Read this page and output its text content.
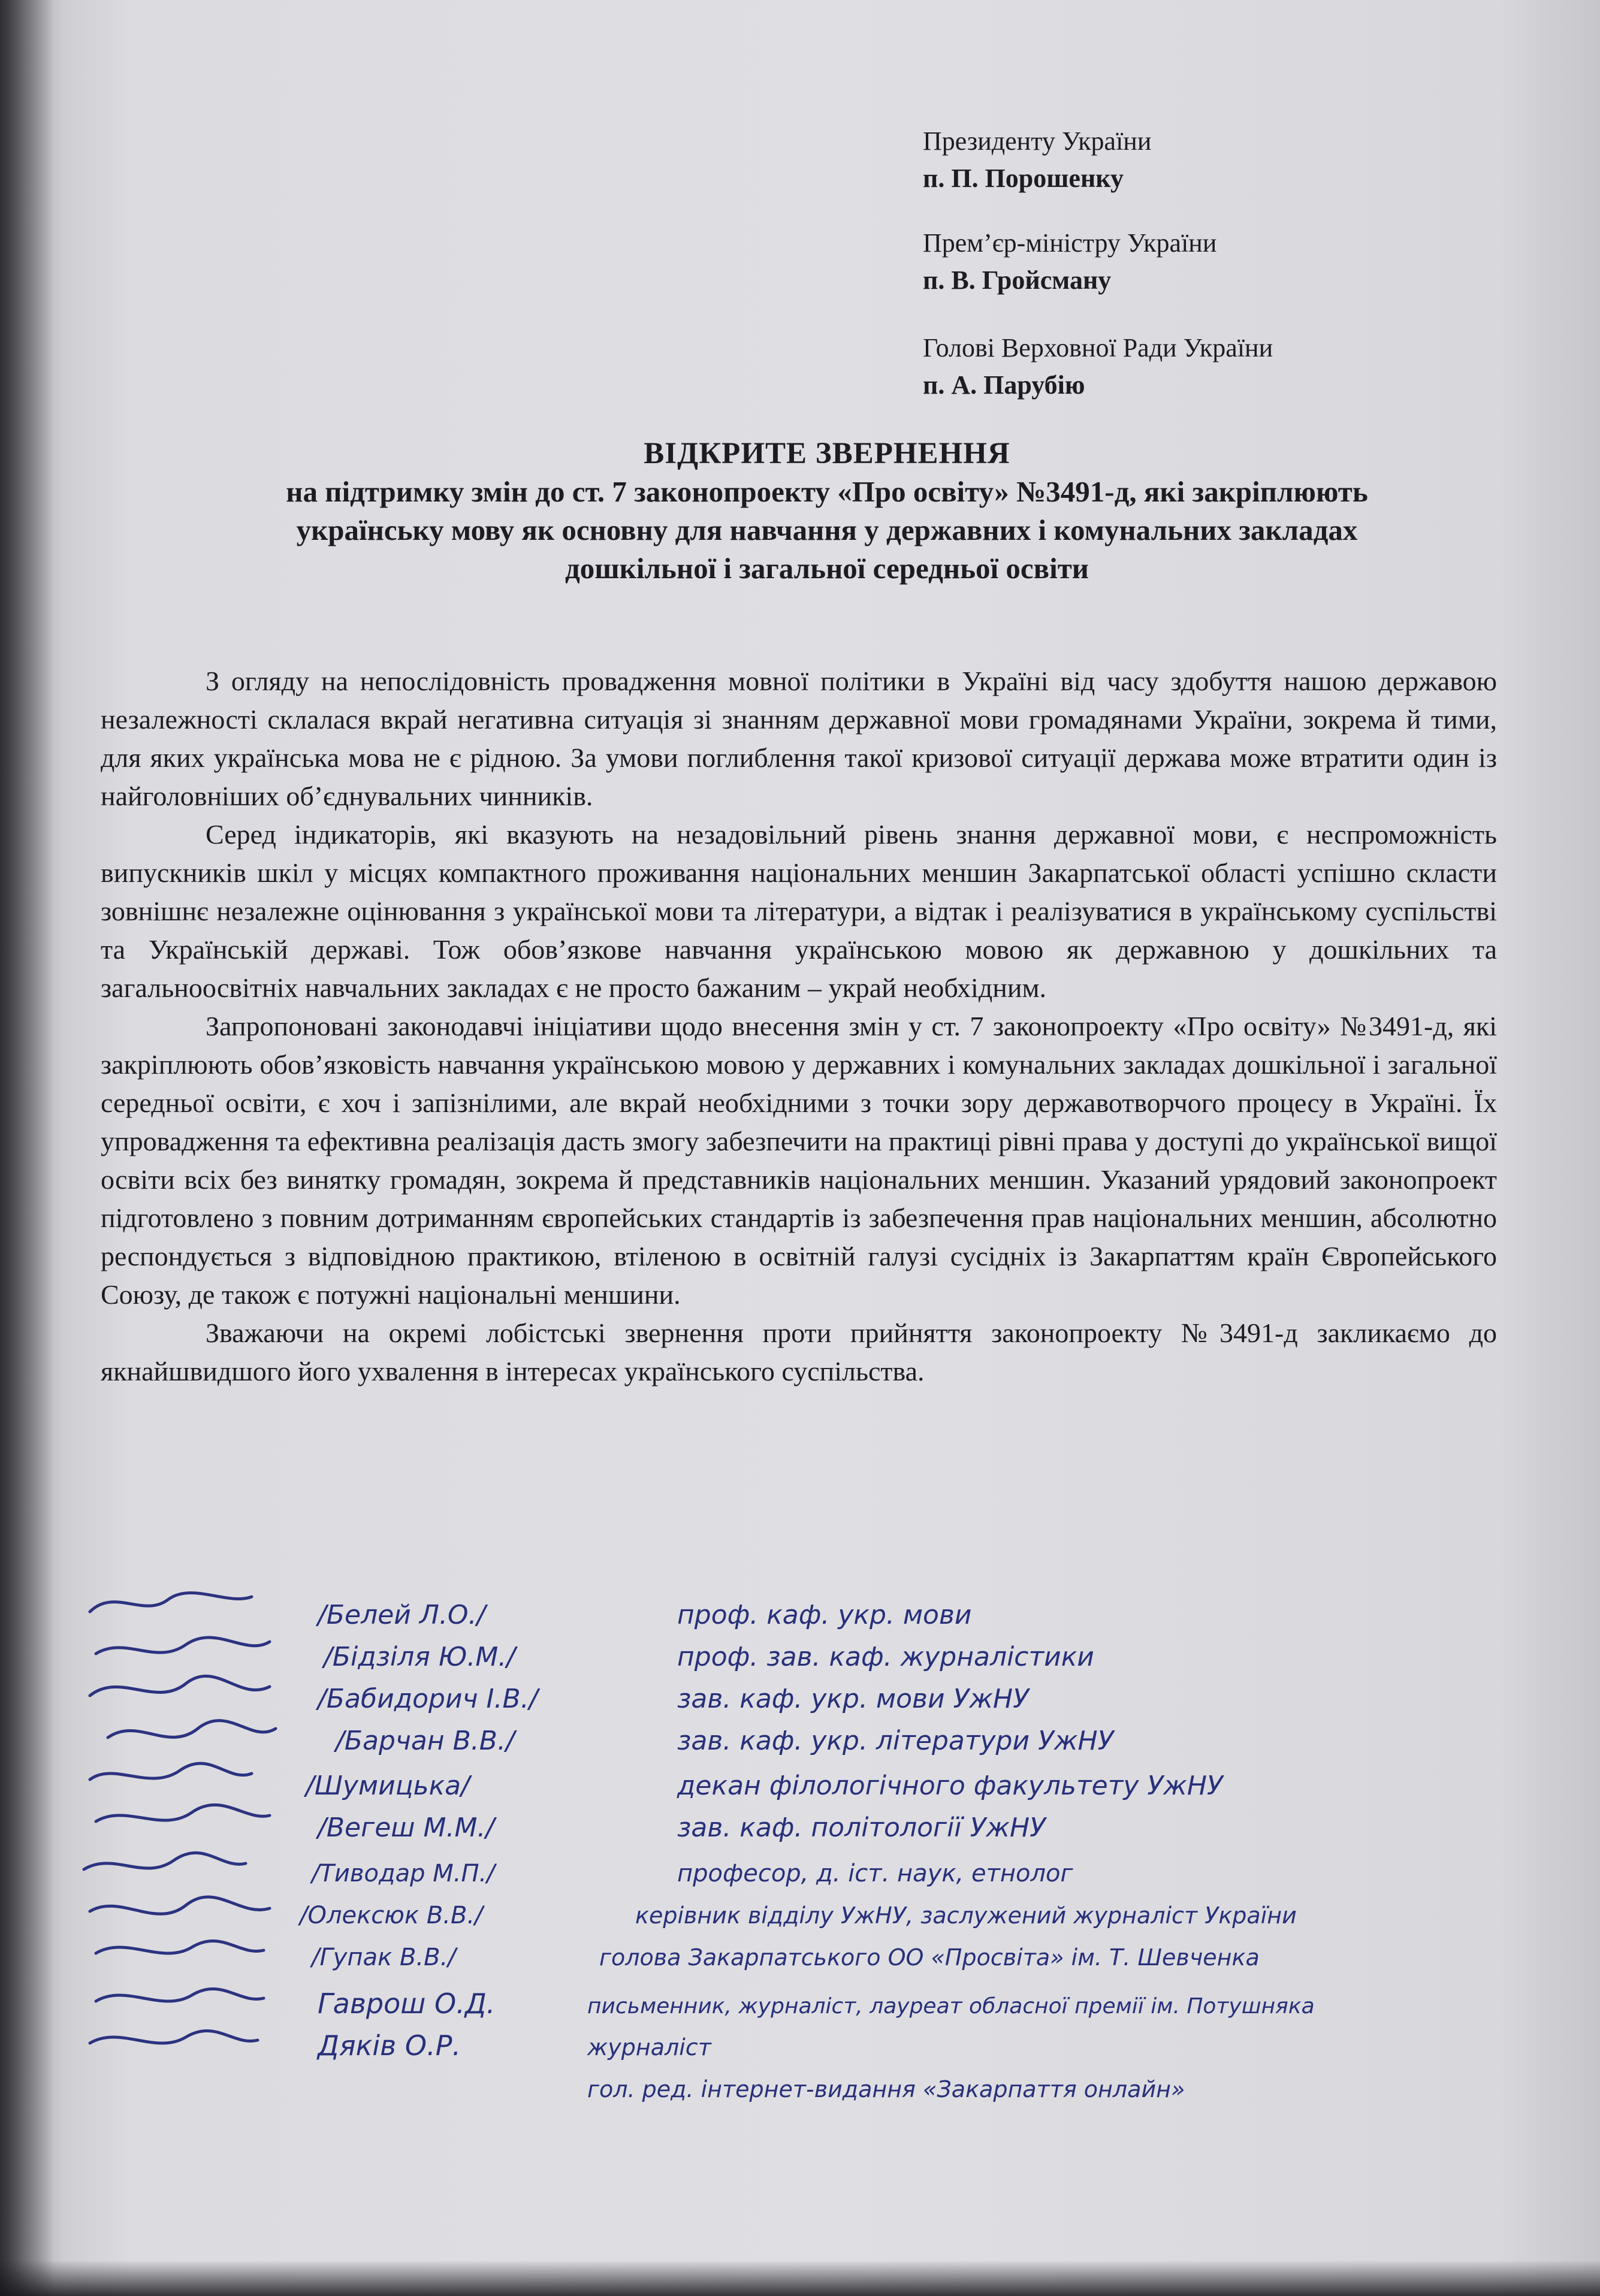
Президенту України
п. П. Порошенку
Прем’єр-міністру України
п. В. Гройсману
Голові Верховної Ради України
п. А. Парубію
ВІДКРИТЕ ЗВЕРНЕННЯ
на підтримку змін до ст. 7 законопроекту «Про освіту» №3491-д, які закріплюють
українську мову як основну для навчання у державних і комунальних закладах
дошкільної і загальної середньої освіти

З огляду на непослідовність провадження мовної політики в Україні від часу здобуття нашою державою незалежності склалася вкрай негативна ситуація зі знанням державної мови громадянами України, зокрема й тими, для яких українська мова не є рідною. За умови поглиблення такої кризової ситуації держава може втратити один із найголовніших об’єднувальних чинників.

Серед індикаторів, які вказують на незадовільний рівень знання державної мови, є неспроможність випускників шкіл у місцях компактного проживання національних меншин Закарпатської області успішно скласти зовнішнє незалежне оцінювання з української мови та літератури, а відтак і реалізуватися в українському суспільстві та Українській державі. Тож обов’язкове навчання українською мовою як державною у дошкільних та загальноосвітніх навчальних закладах є не просто бажаним – украй необхідним.

Запропоновані законодавчі ініціативи щодо внесення змін у ст. 7 законопроекту «Про освіту» №3491-д, які закріплюють обов’язковість навчання українською мовою у державних і комунальних закладах дошкільної і загальної середньої освіти, є хоч і запізнілими, але вкрай необхідними з точки зору державотворчого процесу в Україні. Їх упровадження та ефективна реалізація дасть змогу забезпечити на практиці рівні права у доступі до української вищої освіти всіх без винятку громадян, зокрема й представників національних меншин. Указаний урядовий законопроект підготовлено з повним дотриманням європейських стандартів із забезпечення прав національних меншин, абсолютно респондується з відповідною практикою, втіленою в освітній галузі сусідніх із Закарпаттям країн Європейського Союзу, де також є потужні національні меншини.

Зважаючи на окремі лобістські звернення проти прийняття законопроекту №3491-д закликаємо до якнайшвидшого його ухвалення в інтересах українського суспільства.

/Белей Л.О./	проф. каф. укр. мови
/Бідзіля Ю.М./	проф. зав. каф. журналістики
/Бабидорич І.В./	зав. каф. укр. мови УжНУ
/Барчан В.В./	зав. каф. укр. літератури УжНУ
/Шумицька/	декан філологічного факультету УжНУ
/Вегеш М.М./	зав. каф. політології УжНУ
/Тиводар М.П./	професор, д. іст. наук, етнолог
/Олексюк В.В./	керівник відділу УжНУ, заслужений журналіст України
/Гупак В.В./	голова Закарпатського ОО «Просвіта» ім. Т. Шевченка
Гаврош О.Д.	письменник, журналіст, лауреат обласної премії ім. Потушняка
Дяків О.Р.	журналіст
гол. ред. інтернет-видання «Закарпаття онлайн»
